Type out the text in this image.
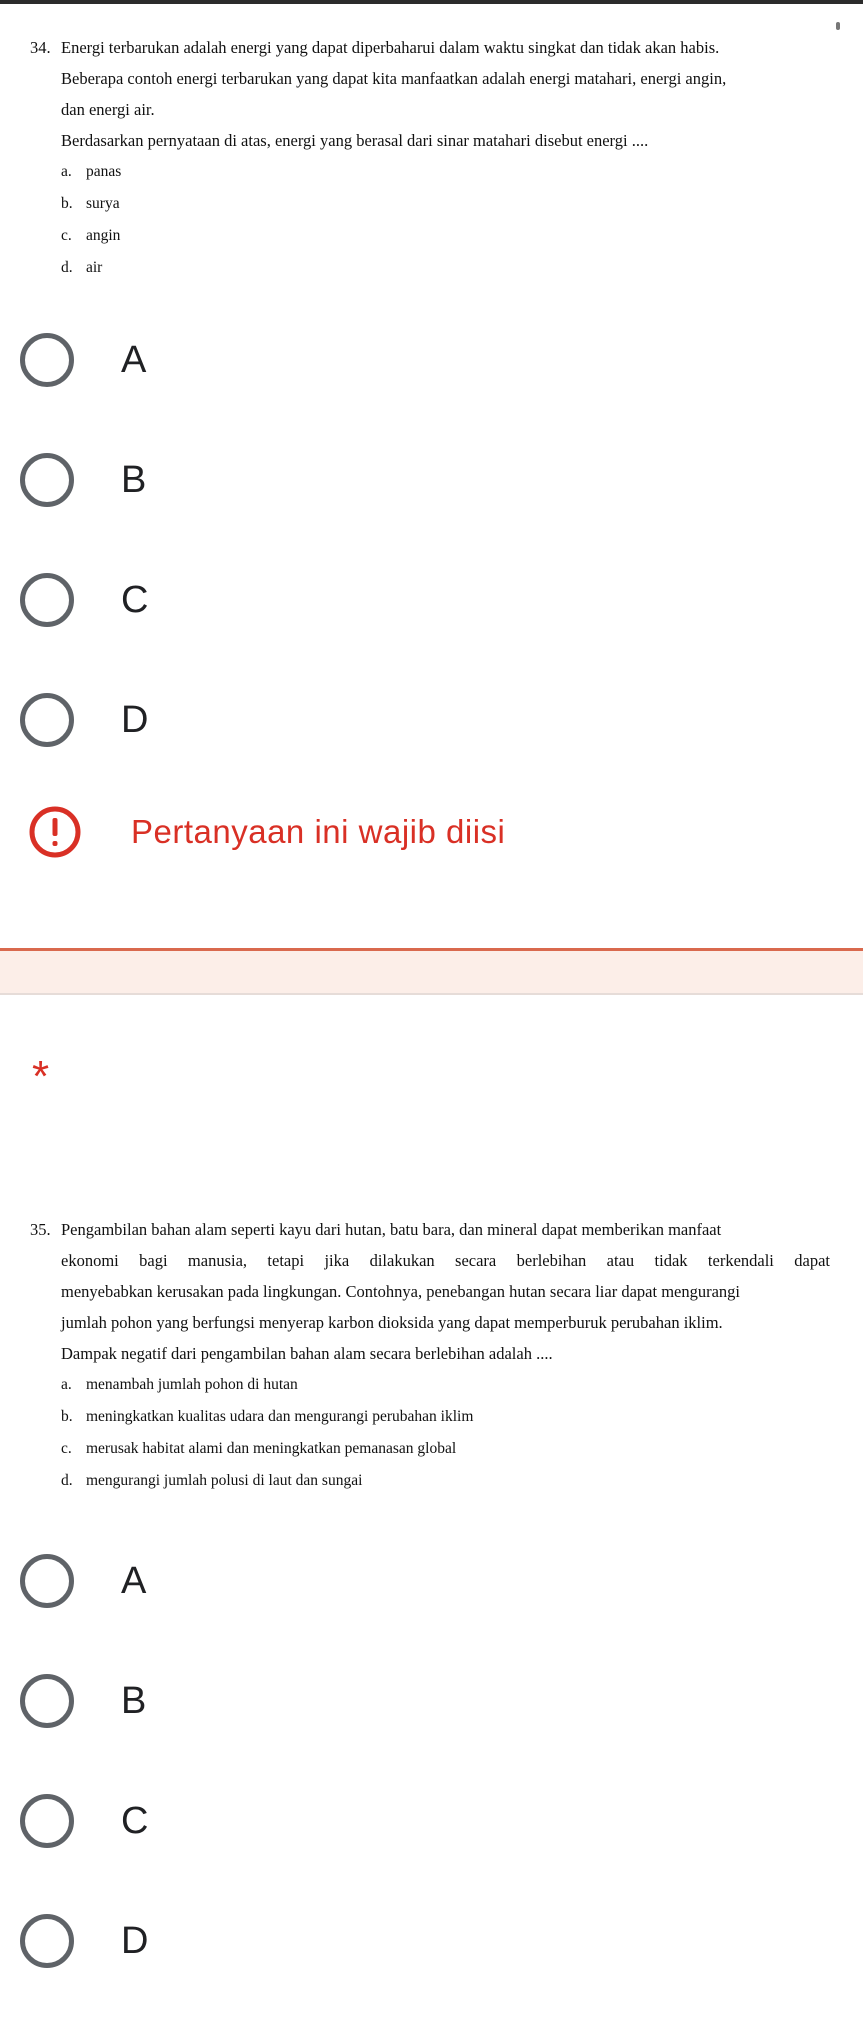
34. Energi terbarukan adalah energi yang dapat diperbaharui dalam waktu singkat dan tidak akan habis.
Beberapa contoh energi terbarukan yang dapat kita manfaatkan adalah energi matahari, energi angin,
dan energi air.
Berdasarkan pernyataan di atas, energi yang berasal dari sinar matahari disebut energi ....
a. panas
b. surya
c. angin
d. air
A
B
C
D
Pertanyaan ini wajib diisi
*
35. Pengambilan bahan alam seperti kayu dari hutan, batu bara, dan mineral dapat memberikan manfaat
ekonomi bagi manusia, tetapi jika dilakukan secara berlebihan atau tidak terkendali dapat
menyebabkan kerusakan pada lingkungan. Contohnya, penebangan hutan secara liar dapat mengurangi
jumlah pohon yang berfungsi menyerap karbon dioksida yang dapat memperburuk perubahan iklim.
Dampak negatif dari pengambilan bahan alam secara berlebihan adalah ....
a. menambah jumlah pohon di hutan
b. meningkatkan kualitas udara dan mengurangi perubahan iklim
c. merusak habitat alami dan meningkatkan pemanasan global
d. mengurangi jumlah polusi di laut dan sungai
A
B
C
D
